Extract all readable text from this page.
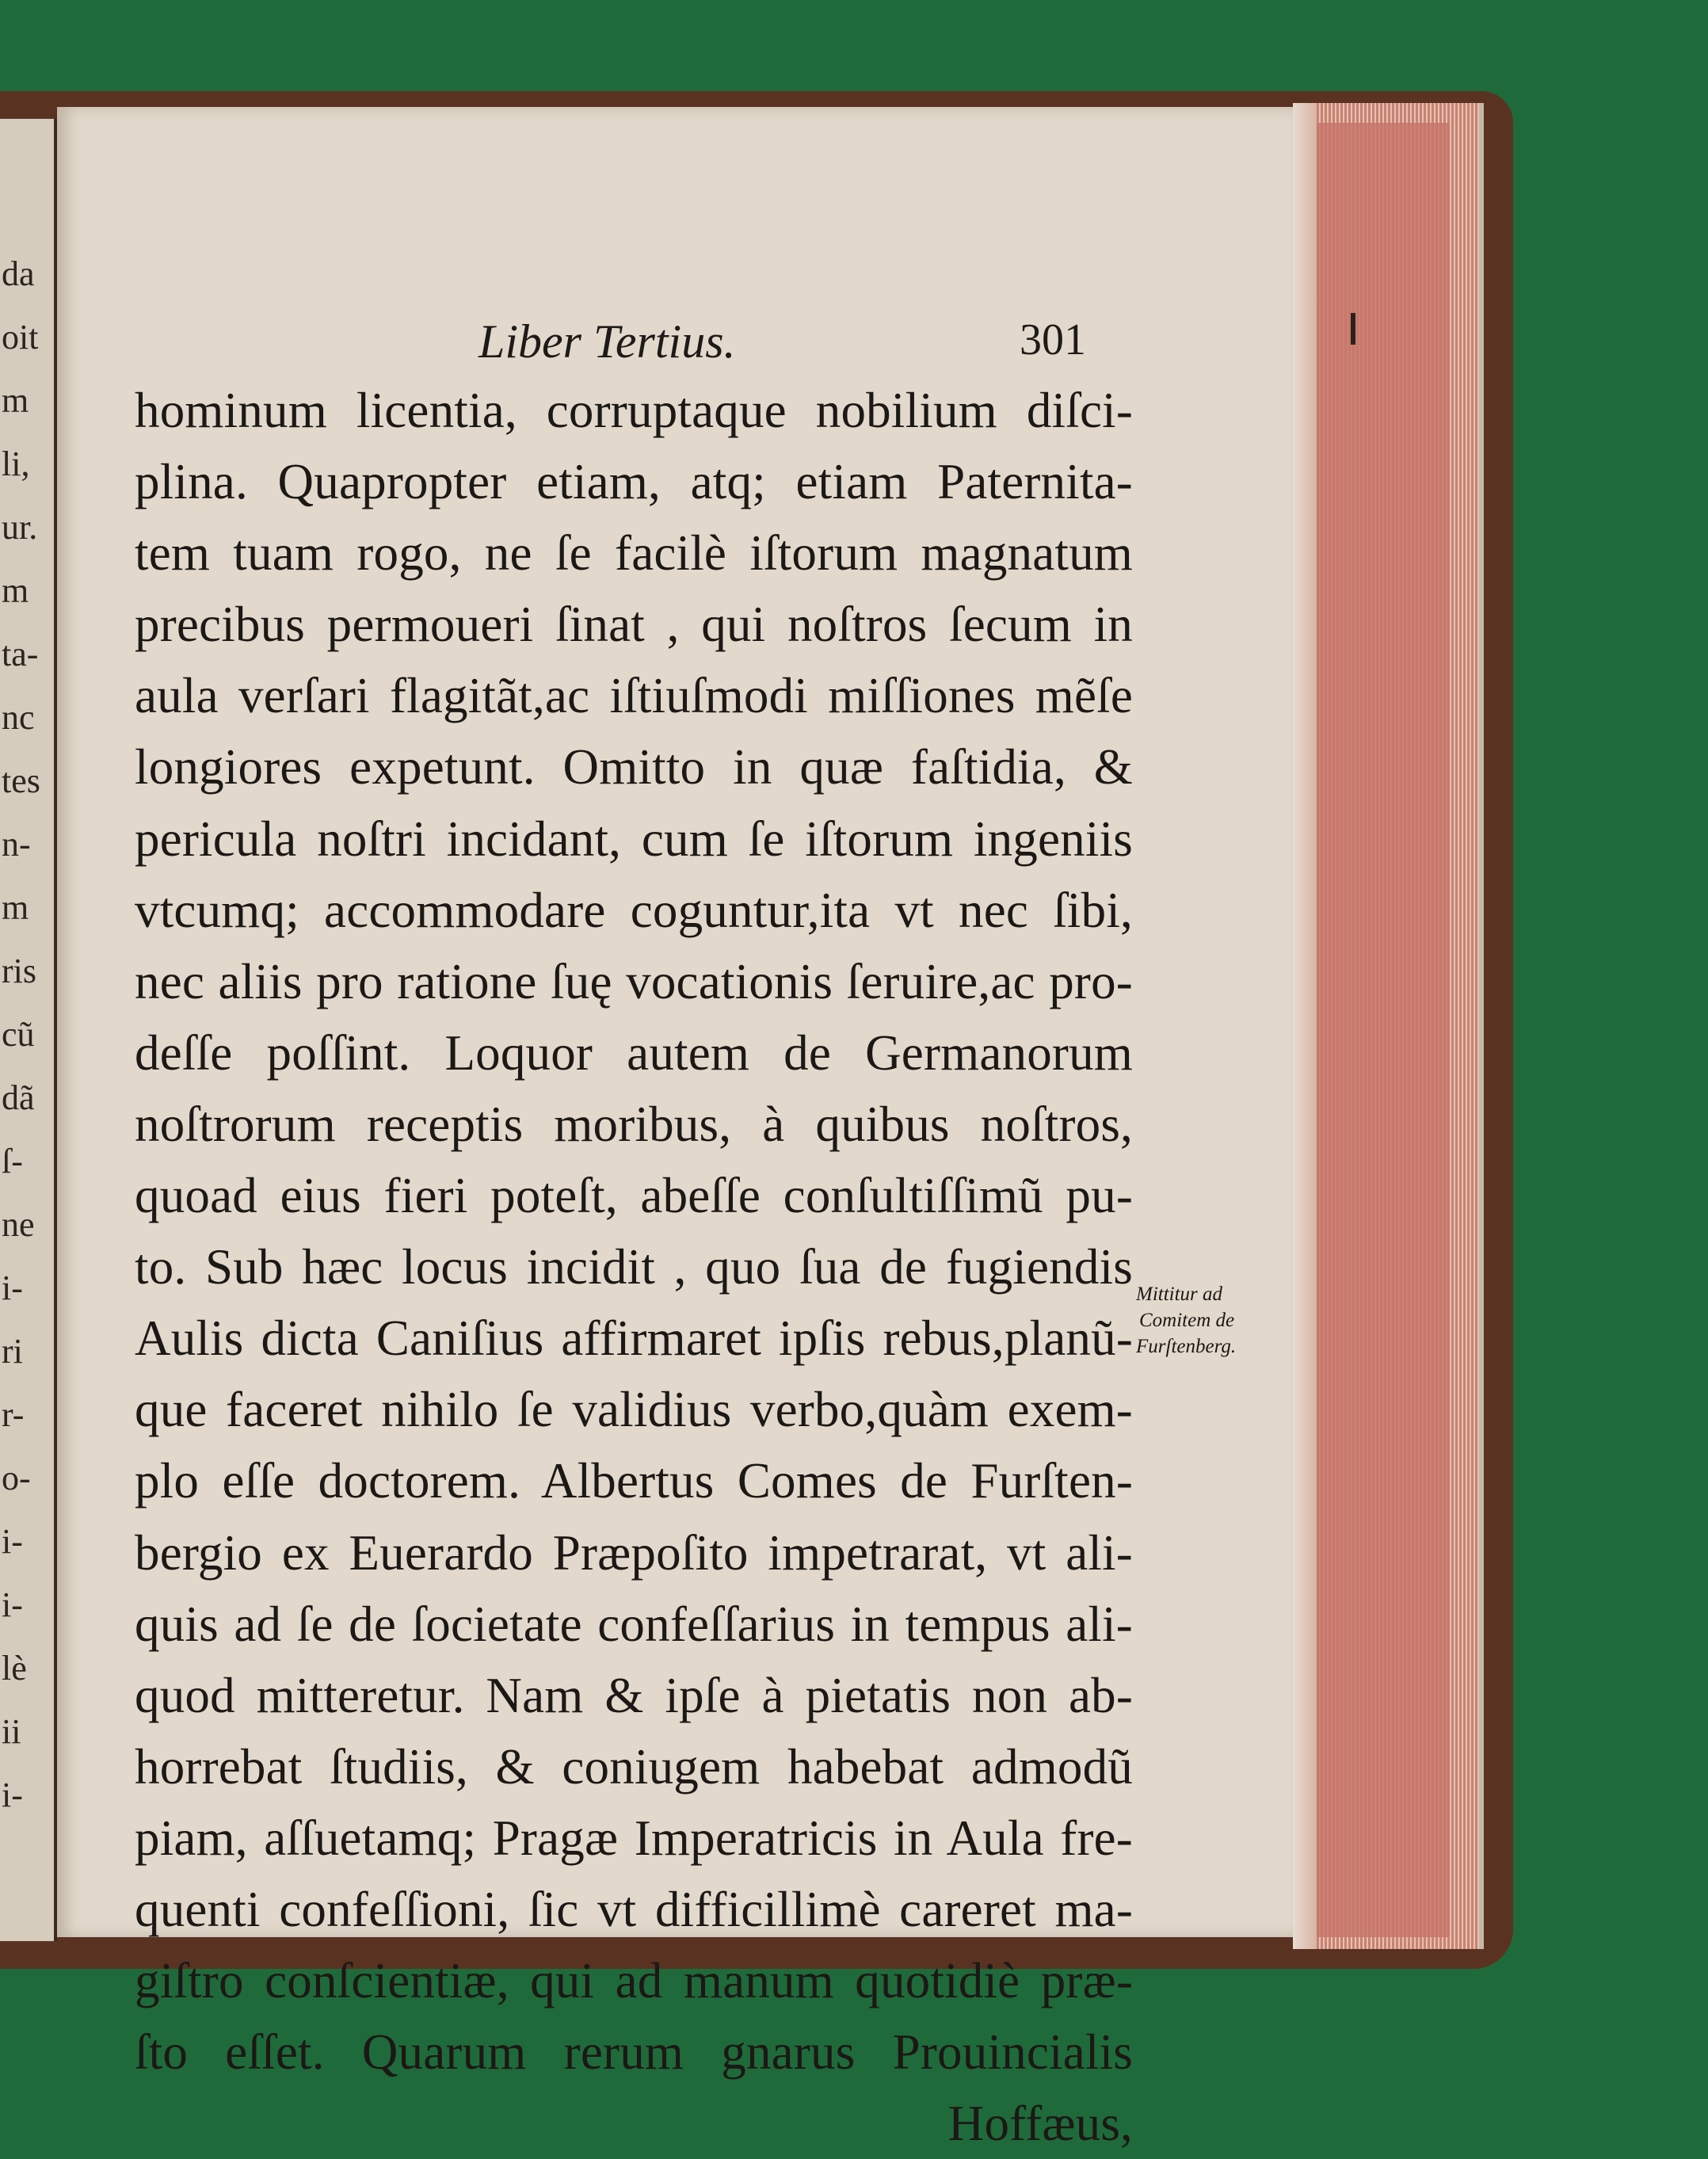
da
oit
m
li,
ur.
m
ta-
nc
tes
n-
m
ris
cũ
dã
ſ-
ne
i-
ri
r-
o-
i-
i-
lè
ii
i-
Liber Tertius.	301
hominum licentia, corruptaque nobilium diſci-
plina. Quapropter etiam, atq; etiam Paternita-
tem tuam rogo, ne ſe facilè iſtorum magnatum
precibus permoueri ſinat , qui noſtros ſecum in
aula verſari flagitãt,ac iſtiuſmodi miſſiones mẽſe
longiores expetunt. Omitto in quæ faſtidia, &
pericula noſtri incidant, cum ſe iſtorum ingeniis
vtcumq; accommodare coguntur,ita vt nec ſibi,
nec aliis pro ratione ſuę vocationis ſeruire,ac pro-
deſſe poſſint. Loquor autem de Germanorum
noſtrorum receptis moribus, à quibus noſtros,
quoad eius fieri poteſt, abeſſe conſultiſſimũ pu-
to. Sub hæc locus incidit , quo ſua de fugiendis
Aulis dicta Caniſius affirmaret ipſis rebus,planũ-
que faceret nihilo ſe validius verbo,quàm exem-
plo eſſe doctorem. Albertus Comes de Furſten-
bergio ex Euerardo Præpoſito impetrarat, vt ali-
quis ad ſe de ſocietate confeſſarius in tempus ali-
quod mitteretur. Nam & ipſe à pietatis non ab-
horrebat ſtudiis, & coniugem habebat admodũ
piam, aſſuetamq; Pragæ Imperatricis in Aula fre-
quenti confeſſioni, ſic vt difficillimè careret ma-
giſtro conſcientiæ, qui ad manum quotidiè præ-
ſto eſſet. Quarum rerum gnarus Prouincialis
Hoffæus,
Mittitur ad
Comitem de
Furſtenberg.
